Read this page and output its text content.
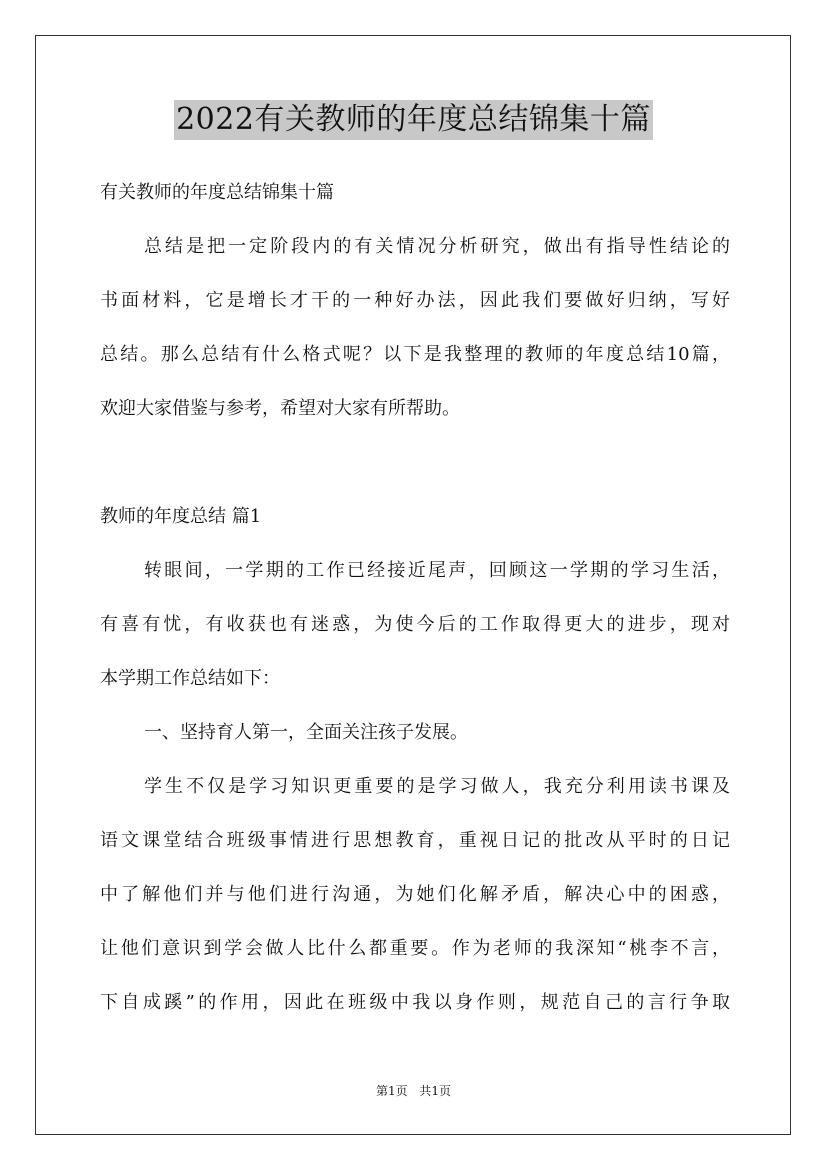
2022有关教师的年度总结锦集十篇
有关教师的年度总结锦集十篇
总结是把一定阶段内的有关情况分析研究，做出有指导性结论的
书面材料，它是增长才干的一种好办法，因此我们要做好归纳，写好
总结。那么总结有什么格式呢？以下是我整理的教师的年度总结10篇，
欢迎大家借鉴与参考，希望对大家有所帮助。
教师的年度总结 篇1
转眼间，一学期的工作已经接近尾声，回顾这一学期的学习生活，
有喜有忧，有收获也有迷惑，为使今后的工作取得更大的进步，现对
本学期工作总结如下：
一、坚持育人第一，全面关注孩子发展。
学生不仅是学习知识更重要的是学习做人，我充分利用读书课及
语文课堂结合班级事情进行思想教育，重视日记的批改从平时的日记
中了解他们并与他们进行沟通，为她们化解矛盾，解决心中的困惑，
让他们意识到学会做人比什么都重要。作为老师的我深知“桃李不言，
下自成蹊”的作用，因此在班级中我以身作则，规范自己的言行争取
第1页 共1页
